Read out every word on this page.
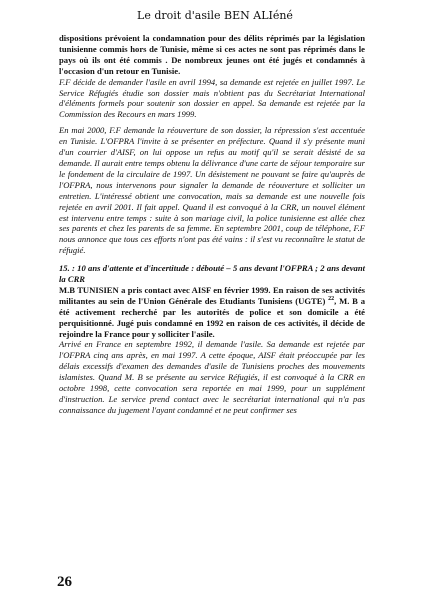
Le droit d'asile BEN ALIéné

dispositions prévoient la condamnation pour des délits réprimés par la législation tunisienne commis hors de Tunisie, même si ces actes ne sont pas réprimés dans le pays où ils ont été commis . De nombreux jeunes ont été jugés et condamnés à l'occasion d'un retour en Tunisie.

F.F décide de demander l'asile en avril 1994, sa demande est rejetée en juillet 1997. Le Service Réfugiés étudie son dossier mais n'obtient pas du Secrétariat International d'éléments formels pour soutenir son dossier en appel. Sa demande est rejetée par la Commission des Recours en mars 1999.

En mai 2000, F.F demande la réouverture de son dossier, la répression s'est accentuée en Tunisie. L'OFPRA l'invite à se présenter en préfecture. Quand il s'y présente muni d'un courrier d'AISF, on lui oppose un refus au motif qu'il se serait désisté de sa demande. Il aurait entre temps obtenu la délivrance d'une carte de séjour temporaire sur le fondement de la circulaire de 1997. Un désistement ne pouvant se faire qu'auprès de l'OFPRA, nous intervenons pour signaler la demande de réouverture et solliciter un entretien. L'intéressé obtient une convocation, mais sa demande est une nouvelle fois rejetée en avril 2001. Il fait appel. Quand il est convoqué à la CRR, un nouvel élément est intervenu entre temps : suite à son mariage civil, la police tunisienne est allée chez ses parents et chez les parents de sa femme. En septembre 2001, coup de téléphone, F.F nous annonce que tous ces efforts n'ont pas été vains : il s'est vu reconnaître le statut de réfugié.

15. : 10 ans d'attente et d'incertitude : débouté – 5 ans devant l'OFPRA ; 2 ans devant la CRR

M.B TUNISIEN a pris contact avec AISF en février 1999. En raison de ses activités militantes au sein de l'Union Générale des Etudiants Tunisiens (UGTE) $^{22}$, M. B a été activement recherché par les autorités de police et son domicile a été perquisitionné. Jugé puis condamné en 1992 en raison de ces activités, il décide de rejoindre la France pour y solliciter l'asile.

Arrivé en France en septembre 1992, il demande l'asile. Sa demande est rejetée par l'OFPRA cinq ans après, en mai 1997. A cette époque, AISF était préoccupée par les délais excessifs d'examen des demandes d'asile de Tunisiens proches des mouvements islamistes. Quand M. B se présente au service Réfugiés, il est convoqué à la CRR en octobre 1998, cette convocation sera reportée en mai 1999, pour un supplément d'instruction. Le service prend contact avec le secrétariat international qui n'a pas connaissance du jugement l'ayant condamné et ne peut confirmer ses

26
